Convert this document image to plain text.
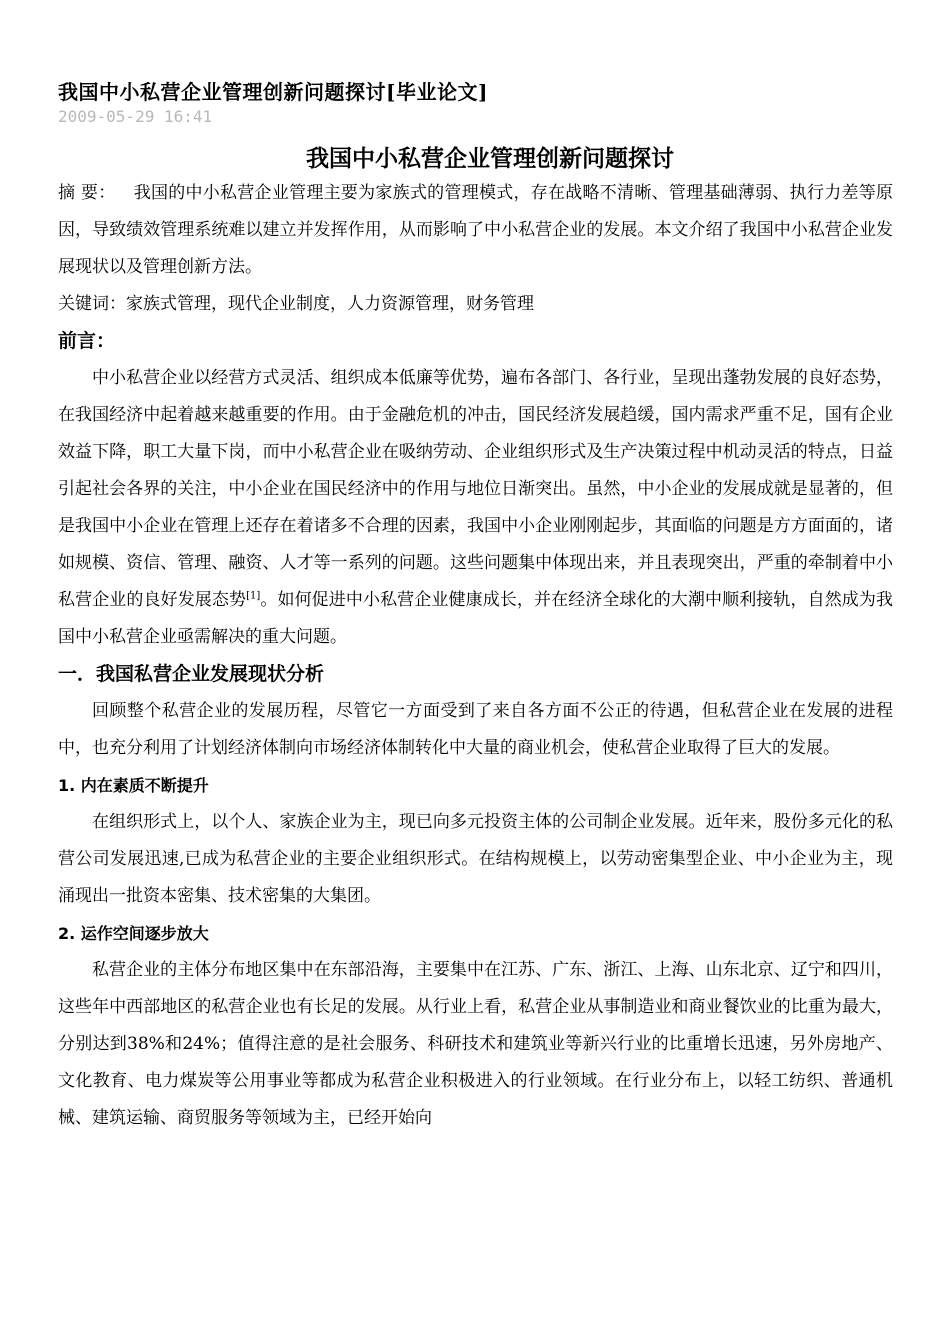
我国中小私营企业管理创新问题探讨[毕业论文]
2009-05-29 16:41
我国中小私营企业管理创新问题探讨

摘 要： 我国的中小私营企业管理主要为家族式的管理模式，存在战略不清晰、管理基础薄弱、执行力差等原因，导致绩效管理系统难以建立并发挥作用，从而影响了中小私营企业的发展。本文介绍了我国中小私营企业发展现状以及管理创新方法。

关键词：家族式管理，现代企业制度，人力资源管理，财务管理

前言：

中小私营企业以经营方式灵活、组织成本低廉等优势，遍布各部门、各行业，呈现出蓬勃发展的良好态势，在我国经济中起着越来越重要的作用。由于金融危机的冲击，国民经济发展趋缓，国内需求严重不足，国有企业效益下降，职工大量下岗，而中小私营企业在吸纳劳动、企业组织形式及生产决策过程中机动灵活的特点，日益引起社会各界的关注，中小企业在国民经济中的作用与地位日渐突出。虽然，中小企业的发展成就是显著的，但是我国中小企业在管理上还存在着诸多不合理的因素，我国中小企业刚刚起步，其面临的问题是方方面面的，诸如规模、资信、管理、融资、人才等一系列的问题。这些问题集中体现出来，并且表现突出，严重的牵制着中小私营企业的良好发展态势[1]。如何促进中小私营企业健康成长，并在经济全球化的大潮中顺利接轨，自然成为我国中小私营企业亟需解决的重大问题。

一．我国私营企业发展现状分析

回顾整个私营企业的发展历程，尽管它一方面受到了来自各方面不公正的待遇，但私营企业在发展的进程中，也充分利用了计划经济体制向市场经济体制转化中大量的商业机会，使私营企业取得了巨大的发展。

1. 内在素质不断提升

在组织形式上，以个人、家族企业为主，现已向多元投资主体的公司制企业发展。近年来，股份多元化的私营公司发展迅速,已成为私营企业的主要企业组织形式。在结构规模上，以劳动密集型企业、中小企业为主，现涌现出一批资本密集、技术密集的大集团。

2. 运作空间逐步放大

私营企业的主体分布地区集中在东部沿海，主要集中在江苏、广东、浙江、上海、山东北京、辽宁和四川，这些年中西部地区的私营企业也有长足的发展。从行业上看，私营企业从事制造业和商业餐饮业的比重为最大，分别达到38%和24%；值得注意的是社会服务、科研技术和建筑业等新兴行业的比重增长迅速，另外房地产、文化教育、电力煤炭等公用事业等都成为私营企业积极进入的行业领域。在行业分布上，以轻工纺织、普通机械、建筑运输、商贸服务等领域为主，已经开始向
